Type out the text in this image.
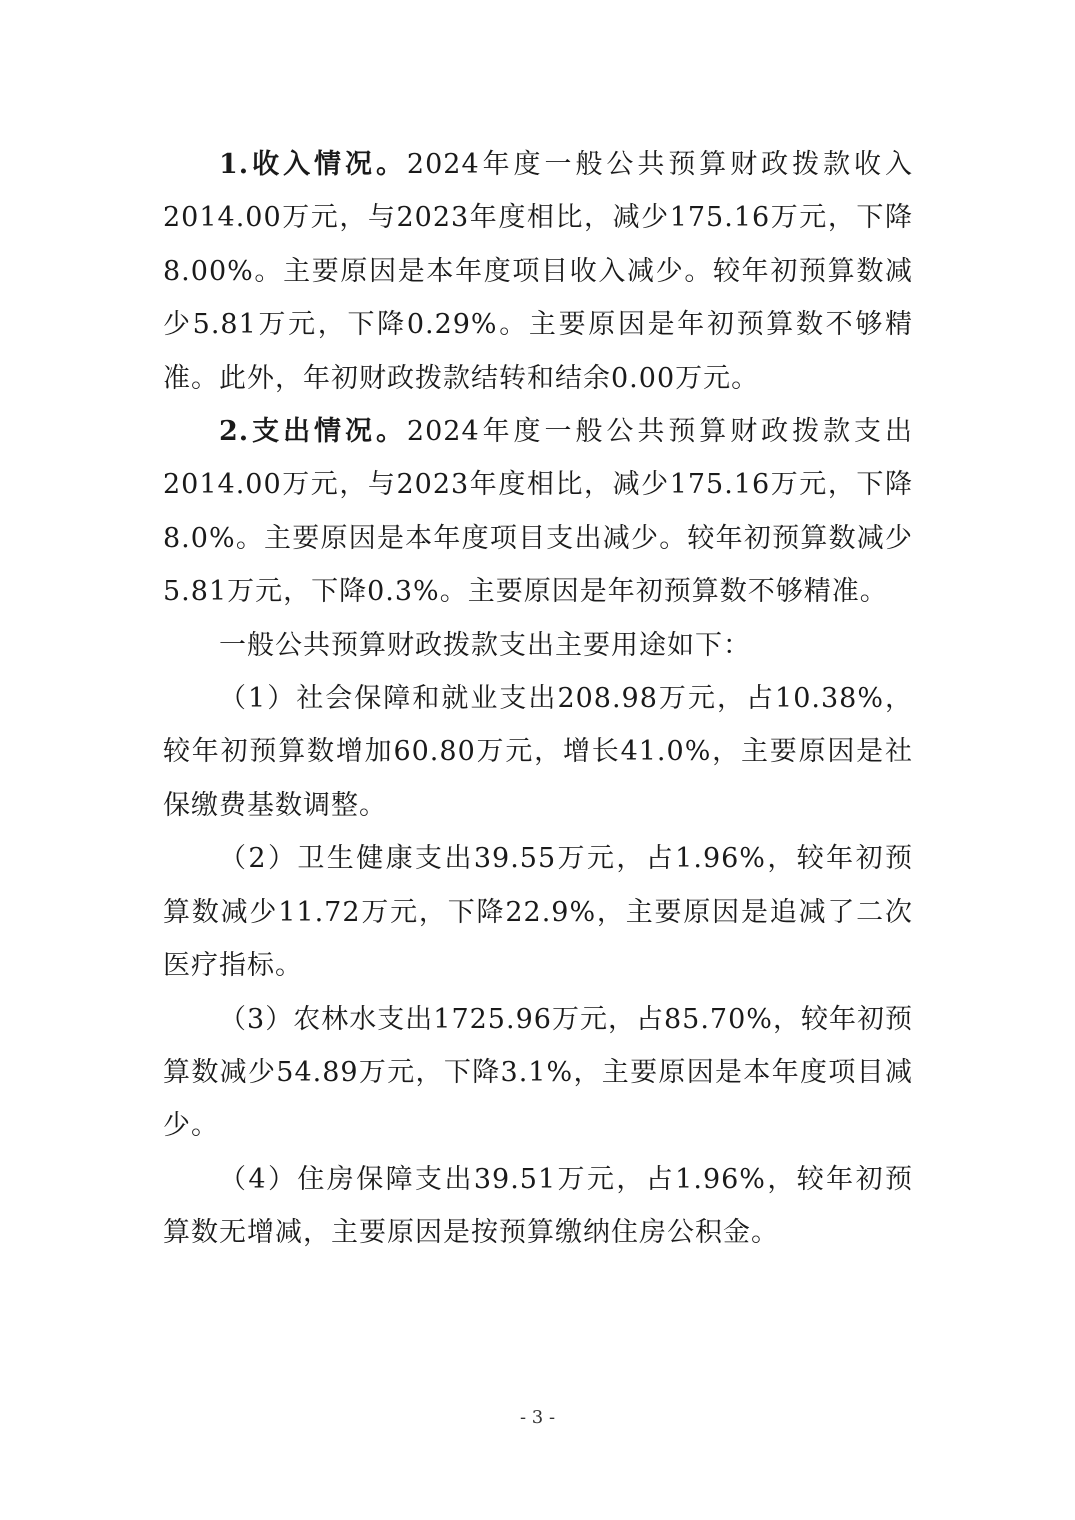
1.收入情况。2024年度一般公共预算财政拨款收入2014.00万元，与2023年度相比，减少175.16万元，下降8.00%。主要原因是本年度项目收入减少。较年初预算数减少5.81万元，下降0.29%。主要原因是年初预算数不够精准。此外，年初财政拨款结转和结余0.00万元。

2.支出情况。2024年度一般公共预算财政拨款支出2014.00万元，与2023年度相比，减少175.16万元，下降8.0%。主要原因是本年度项目支出减少。较年初预算数减少5.81万元，下降0.3%。主要原因是年初预算数不够精准。

一般公共预算财政拨款支出主要用途如下：

（1）社会保障和就业支出208.98万元，占10.38%，较年初预算数增加60.80万元，增长41.0%，主要原因是社保缴费基数调整。

（2）卫生健康支出39.55万元，占1.96%，较年初预算数减少11.72万元，下降22.9%，主要原因是追减了二次医疗指标。

（3）农林水支出1725.96万元，占85.70%，较年初预算数减少54.89万元，下降3.1%，主要原因是本年度项目减少。

（4）住房保障支出39.51万元，占1.96%，较年初预算数无增减，主要原因是按预算缴纳住房公积金。

- 3 -
